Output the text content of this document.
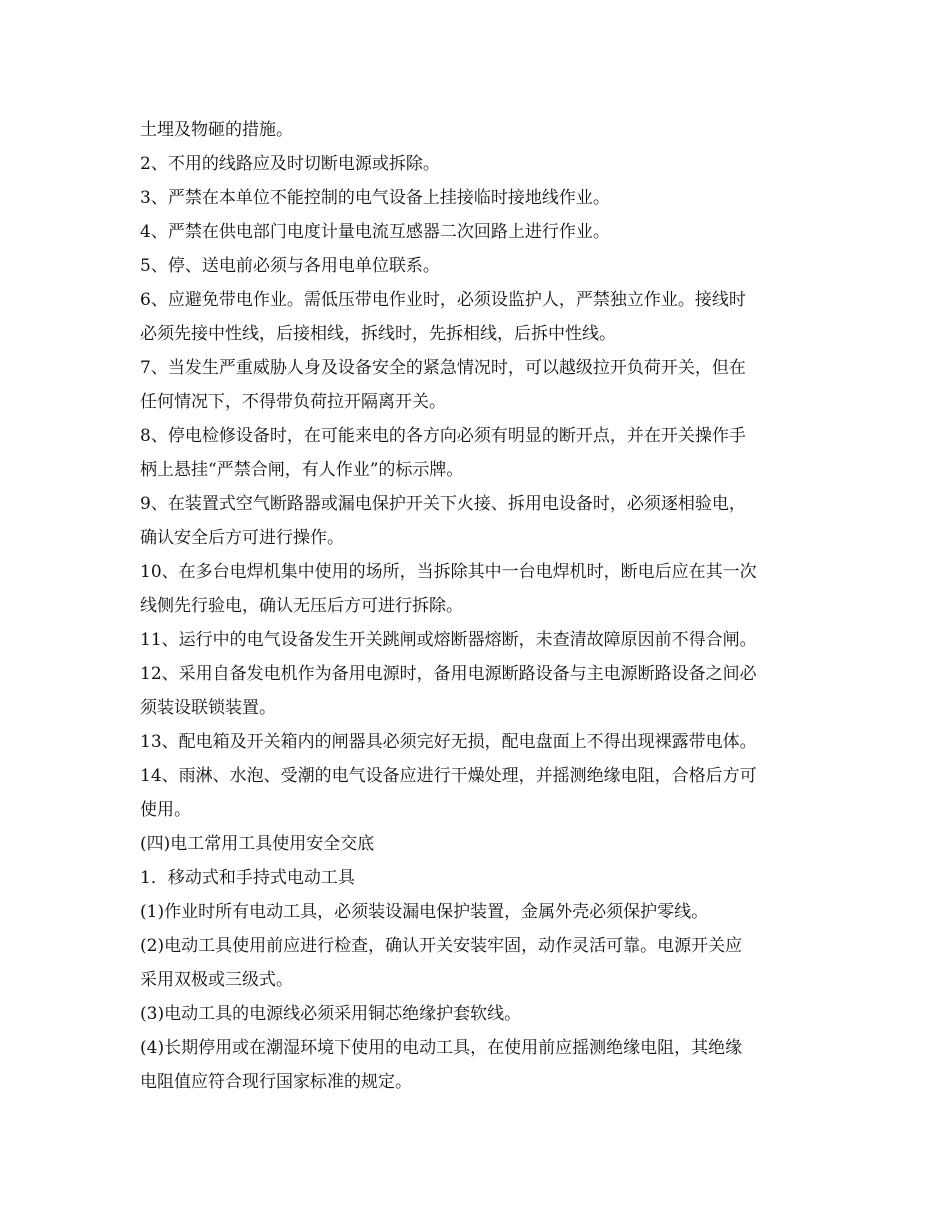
土埋及物砸的措施。
2、不用的线路应及时切断电源或拆除。
3、严禁在本单位不能控制的电气设备上挂接临时接地线作业。
4、严禁在供电部门电度计量电流互感器二次回路上进行作业。
5、停、送电前必须与各用电单位联系。
6、应避免带电作业。需低压带电作业时，必须设监护人，严禁独立作业。接线时
必须先接中性线，后接相线，拆线时，先拆相线，后拆中性线。
7、当发生严重威胁人身及设备安全的紧急情况时，可以越级拉开负荷开关，但在
任何情况下，不得带负荷拉开隔离开关。
8、停电检修设备时，在可能来电的各方向必须有明显的断开点，并在开关操作手
柄上悬挂“严禁合闸，有人作业”的标示牌。
9、在装置式空气断路器或漏电保护开关下火接、拆用电设备时，必须逐相验电，
确认安全后方可进行操作。
10、在多台电焊机集中使用的场所，当拆除其中一台电焊机时，断电后应在其一次
线侧先行验电，确认无压后方可进行拆除。
11、运行中的电气设备发生开关跳闸或熔断器熔断，未查清故障原因前不得合闸。
12、采用自备发电机作为备用电源时，备用电源断路设备与主电源断路设备之间必
须装设联锁装置。
13、配电箱及开关箱内的闸器具必须完好无损，配电盘面上不得出现裸露带电体。
14、雨淋、水泡、受潮的电气设备应进行干燥处理，并摇测绝缘电阻，合格后方可
使用。
(四)电工常用工具使用安全交底
1．移动式和手持式电动工具
(1)作业时所有电动工具，必须装设漏电保护装置，金属外壳必须保护零线。
(2)电动工具使用前应进行检查，确认开关安装牢固，动作灵活可靠。电源开关应
采用双极或三级式。
(3)电动工具的电源线必须采用铜芯绝缘护套软线。
(4)长期停用或在潮湿环境下使用的电动工具，在使用前应摇测绝缘电阻，其绝缘
电阻值应符合现行国家标准的规定。
